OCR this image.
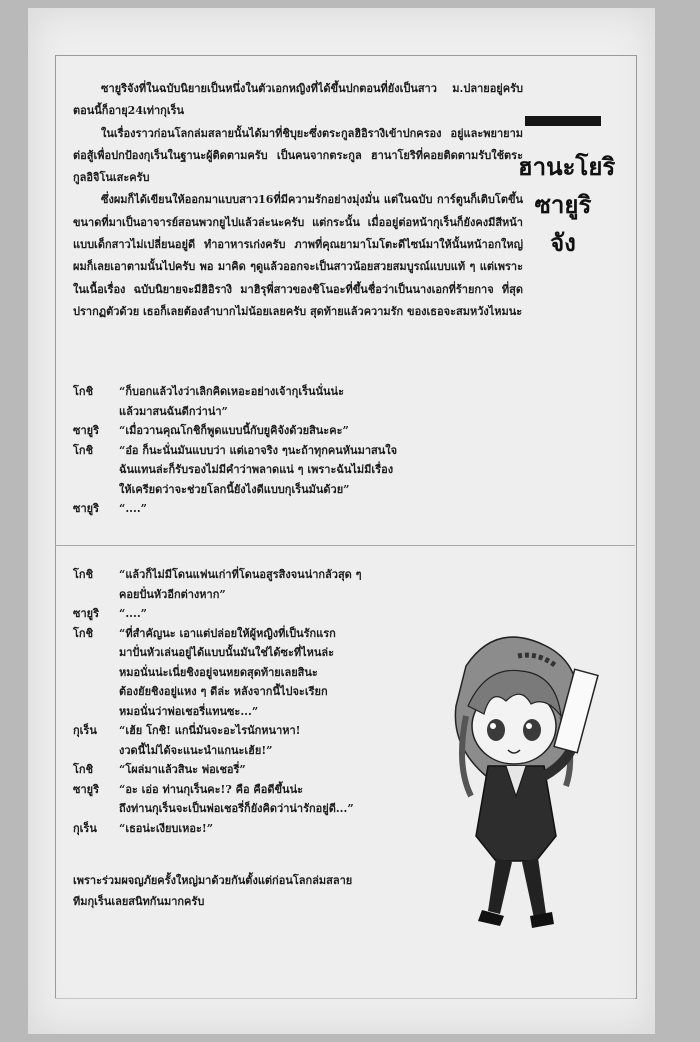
ฮานะโยริ
ซายูริ
จัง

ซายูริจังที่ในฉบับนิยายเป็นหนึ่งในตัวเอกหญิงที่ได้ขึ้นปกตอนที่ยังเป็นสาว ม.ปลายอยู่ครับ ตอนนี้ก็อายุ24เท่ากุเร็น

ในเรื่องราวก่อนโลกล่มสลายนั้นได้มาที่ชิบุยะซึ่งตระกูลฮิอิรางิเข้าปกครอง อยู่และพยายามต่อสู้เพื่อปกป้องกุเร็นในฐานะผู้ติดตามครับ เป็นคนจากตระกูล ฮานาโยริที่คอยติดตามรับใช้ตระกูลอิจิโนเสะครับ

ซึ่งผมก็ได้เขียนให้ออกมาแบบสาว16ที่มีความรักอย่างมุ่งมั่น แต่ในฉบับ การ์ตูนก็เติบโตขึ้นขนาดที่มาเป็นอาจารย์สอนพวกยูไปแล้วล่ะนะครับ แต่กระนั้น เมื่ออยู่ต่อหน้ากุเร็นก็ยังคงมีสีหน้าแบบเด็กสาวไม่เปลี่ยนอยู่ดี ทำอาหารเก่งครับ ภาพที่คุณยามาโมโตะดีไซน์มาให้นั้นหน้าอกใหญ่ผมก็เลยเอาตามนั้นไปครับ พอ มาคิด ๆดูแล้วออกจะเป็นสาวน้อยสวยสมบูรณ์แบบแท้ ๆ แต่เพราะในเนื้อเรื่อง ฉบับนิยายจะมีฮิอิรางิ มาฮิรุพี่สาวของชิโนอะที่ขึ้นชื่อว่าเป็นนางเอกที่ร้ายกาจ ที่สุดปรากฏตัวด้วย เธอก็เลยต้องลำบากไม่น้อยเลยครับ สุดท้ายแล้วความรัก ของเธอจะสมหวังไหมนะ

โกชิ	“ก็บอกแล้วไงว่าเลิกคิดเหอะอย่างเจ้ากุเร็นนั่นน่ะ
แล้วมาสนฉันดีกว่าน่า”
ซายูริ	“เมื่อวานคุณโกชิก็พูดแบบนี้กับยูคิจังด้วยสินะคะ”
โกชิ	“อ๋อ ก็นะนั่นมันแบบว่า แต่เอาจริง ๆนะถ้าทุกคนหันมาสนใจ
ฉันแทนล่ะก็รับรองไม่มีคำว่าพลาดแน่ ๆ เพราะฉันไม่มีเรื่อง
ให้เครียดว่าจะช่วยโลกนี้ยังไงดีแบบกุเร็นมันด้วย”
ซายูริ	“....”
โกชิ	“แล้วก็ไม่มีโดนแฟนเก่าที่โดนอสูรสิงจนน่ากลัวสุด ๆ
คอยปั่นหัวอีกต่างหาก”
ซายูริ	“....”
โกชิ	“ที่สำคัญนะ เอาแต่ปล่อยให้ผู้หญิงที่เป็นรักแรก
มาปั่นหัวเล่นอยู่ได้แบบนั้นมันใช่ได้ซะที่ไหนล่ะ
หมอนั่นน่ะเนี่ยชิงอยู่จนหยดสุดท้ายเลยสินะ
ต้องยัยชิงอยู่แหง ๆ ดีล่ะ หลังจากนี้ไปจะเรียก
หมอนั่นว่าพ่อเชอรี่แทนซะ...”
กุเร็น	“เฮ้ย โกชิ! แกนี่มันจะอะไรนักหนาหา!
งวดนี้ไม่ได้จะแนะนำแกนะเฮ้ย!”
โกชิ	“โผล่มาแล้วสินะ พ่อเชอรี่”
ซายูริ	“อะ เอ่อ ท่านกุเร็นคะ!? คือ คือดีขึ้นน่ะ
ถึงท่านกุเร็นจะเป็นพ่อเชอรี่ก็ยังคิดว่าน่ารักอยู่ดี...”
กุเร็น	“เธอน่ะเงียบเหอะ!”
เพราะร่วมผจญภัยครั้งใหญ่มาด้วยกันตั้งแต่ก่อนโลกล่มสลาย
ทีมกุเร็นเลยสนิทกันมากครับ
